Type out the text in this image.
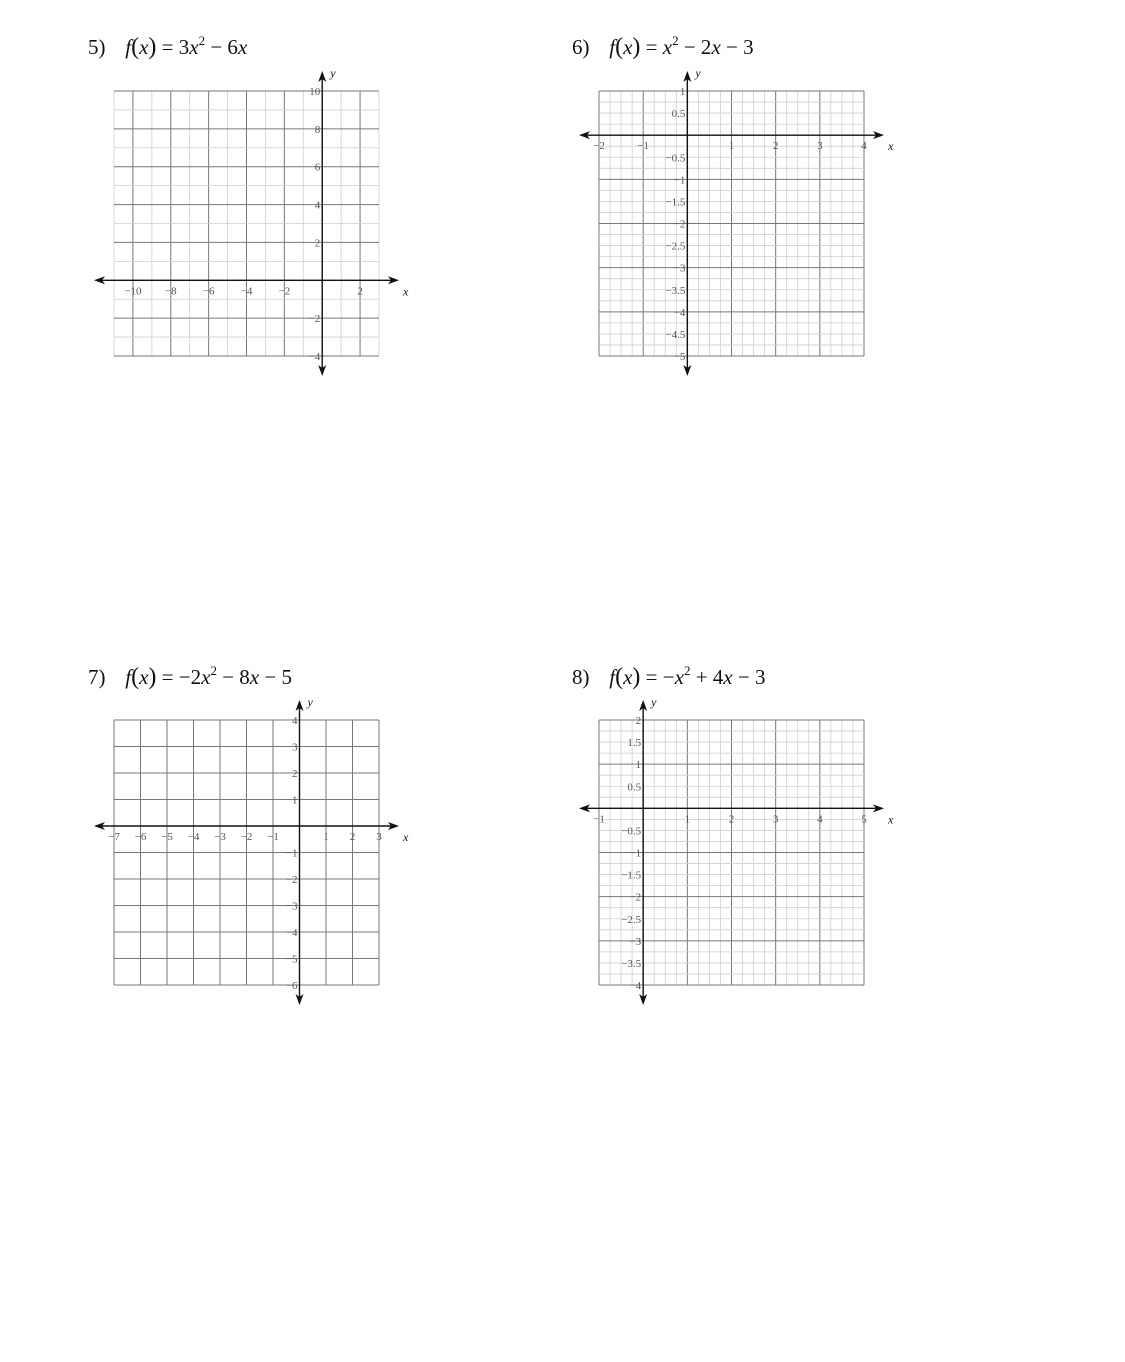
5) $f(x) = 3x^2 - 6x$
−10 −8 −6 −4 −2	2
10
8
6
4
2
−2
−4
x
y
6) $f(x) = x^2 - 2x - 3$
−2	−1	1	2	3	4
1
0.5
−0.5
−1
−1.5
−2
−2.5
−3
−3.5
−4
−4.5
−5
x
y
7) $f(x) = -2x^2 - 8x - 5$
−7 −6 −5 −4 −3 −2 −1	1 2 3
4
3
2
1
−1
−2
−3
−4
−5
−6
x
y
8) $f(x) = -x^2 + 4x - 3$
−1	1	2	3	4	5
2
1.5
1
0.5
−0.5
−1
−1.5
−2
−2.5
−3
−3.5
−4
x
y
